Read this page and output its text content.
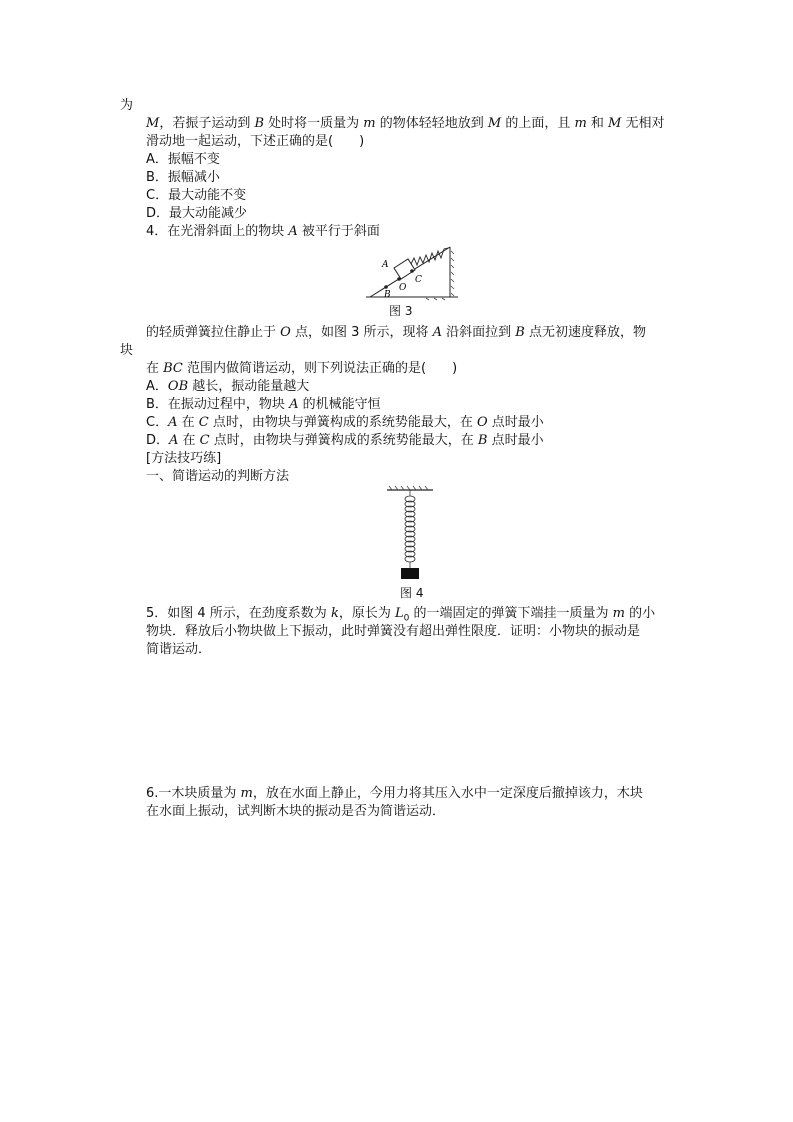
为
M，若振子运动到 B 处时将一质量为 m 的物体轻轻地放到 M 的上面，且 m 和 M 无相对
滑动地一起运动，下述正确的是(　　)
A．振幅不变
B．振幅减小
C．最大动能不变
D．最大动能减少
4．在光滑斜面上的物块 A 被平行于斜面
A
B
O
C
图 3
的轻质弹簧拉住静止于 O 点，如图 3 所示，现将 A 沿斜面拉到 B 点无初速度释放，物
块
在 BC 范围内做简谐运动，则下列说法正确的是(　　)
A．OB 越长，振动能量越大
B．在振动过程中，物块 A 的机械能守恒
C．A 在 C 点时，由物块与弹簧构成的系统势能最大，在 O 点时最小
D．A 在 C 点时，由物块与弹簧构成的系统势能最大，在 B 点时最小
[方法技巧练]
一、简谐运动的判断方法
图 4
5．如图 4 所示，在劲度系数为 k，原长为 $L_0$ 的一端固定的弹簧下端挂一质量为 m 的小
物块．释放后小物块做上下振动，此时弹簧没有超出弹性限度．证明：小物块的振动是
简谐运动．
6.一木块质量为 m，放在水面上静止，今用力将其压入水中一定深度后撤掉该力，木块
在水面上振动，试判断木块的振动是否为简谐运动．
